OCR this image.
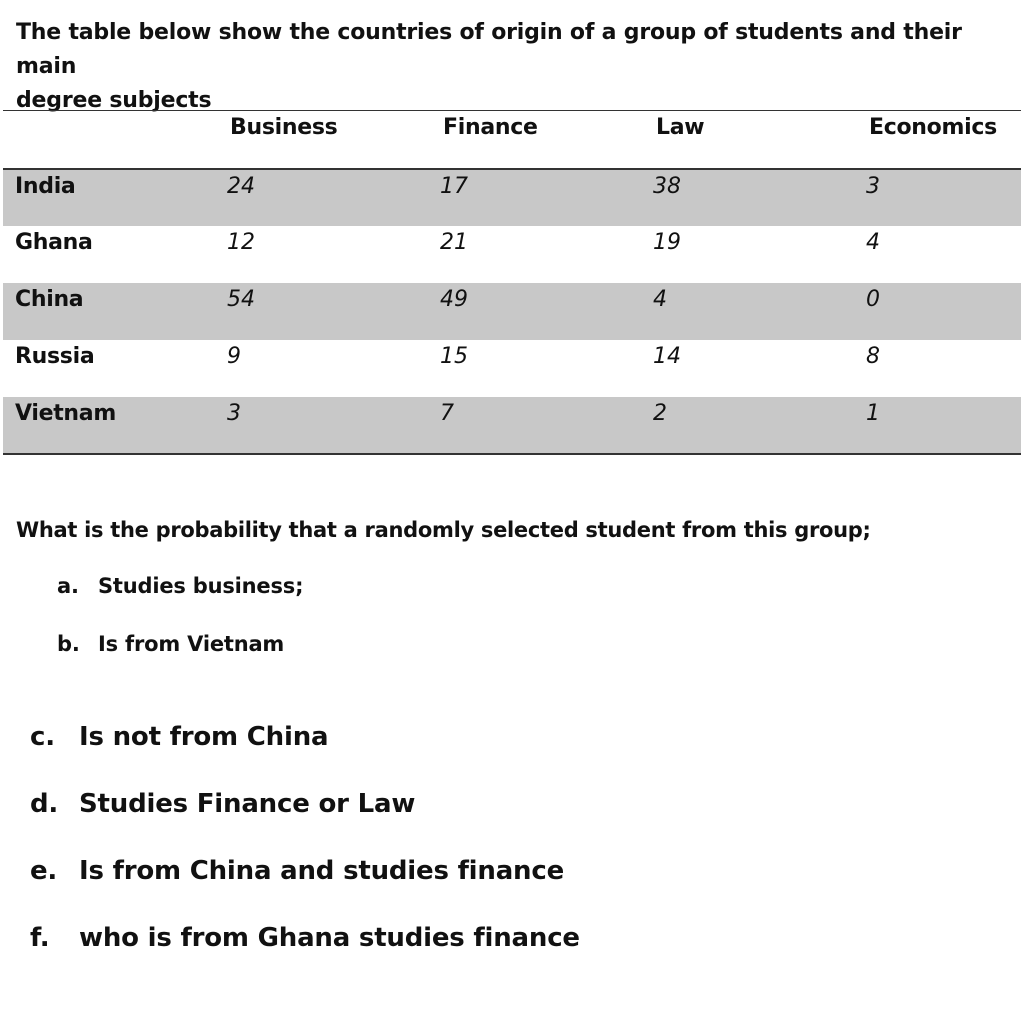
The table below show the countries of origin of a group of students and their main
degree subjects
	Business	Finance	Law	Economics
India	24	17	38	3
Ghana	12	21	19	4
China	54	49	4	0
Russia	9	15	14	8
Vietnam	3	7	2	1
What is the probability that a randomly selected student from this group;
a. Studies business;
b. Is from Vietnam
c. Is not from China
d. Studies Finance or Law
e. Is from China and studies finance
f. who is from Ghana studies finance
